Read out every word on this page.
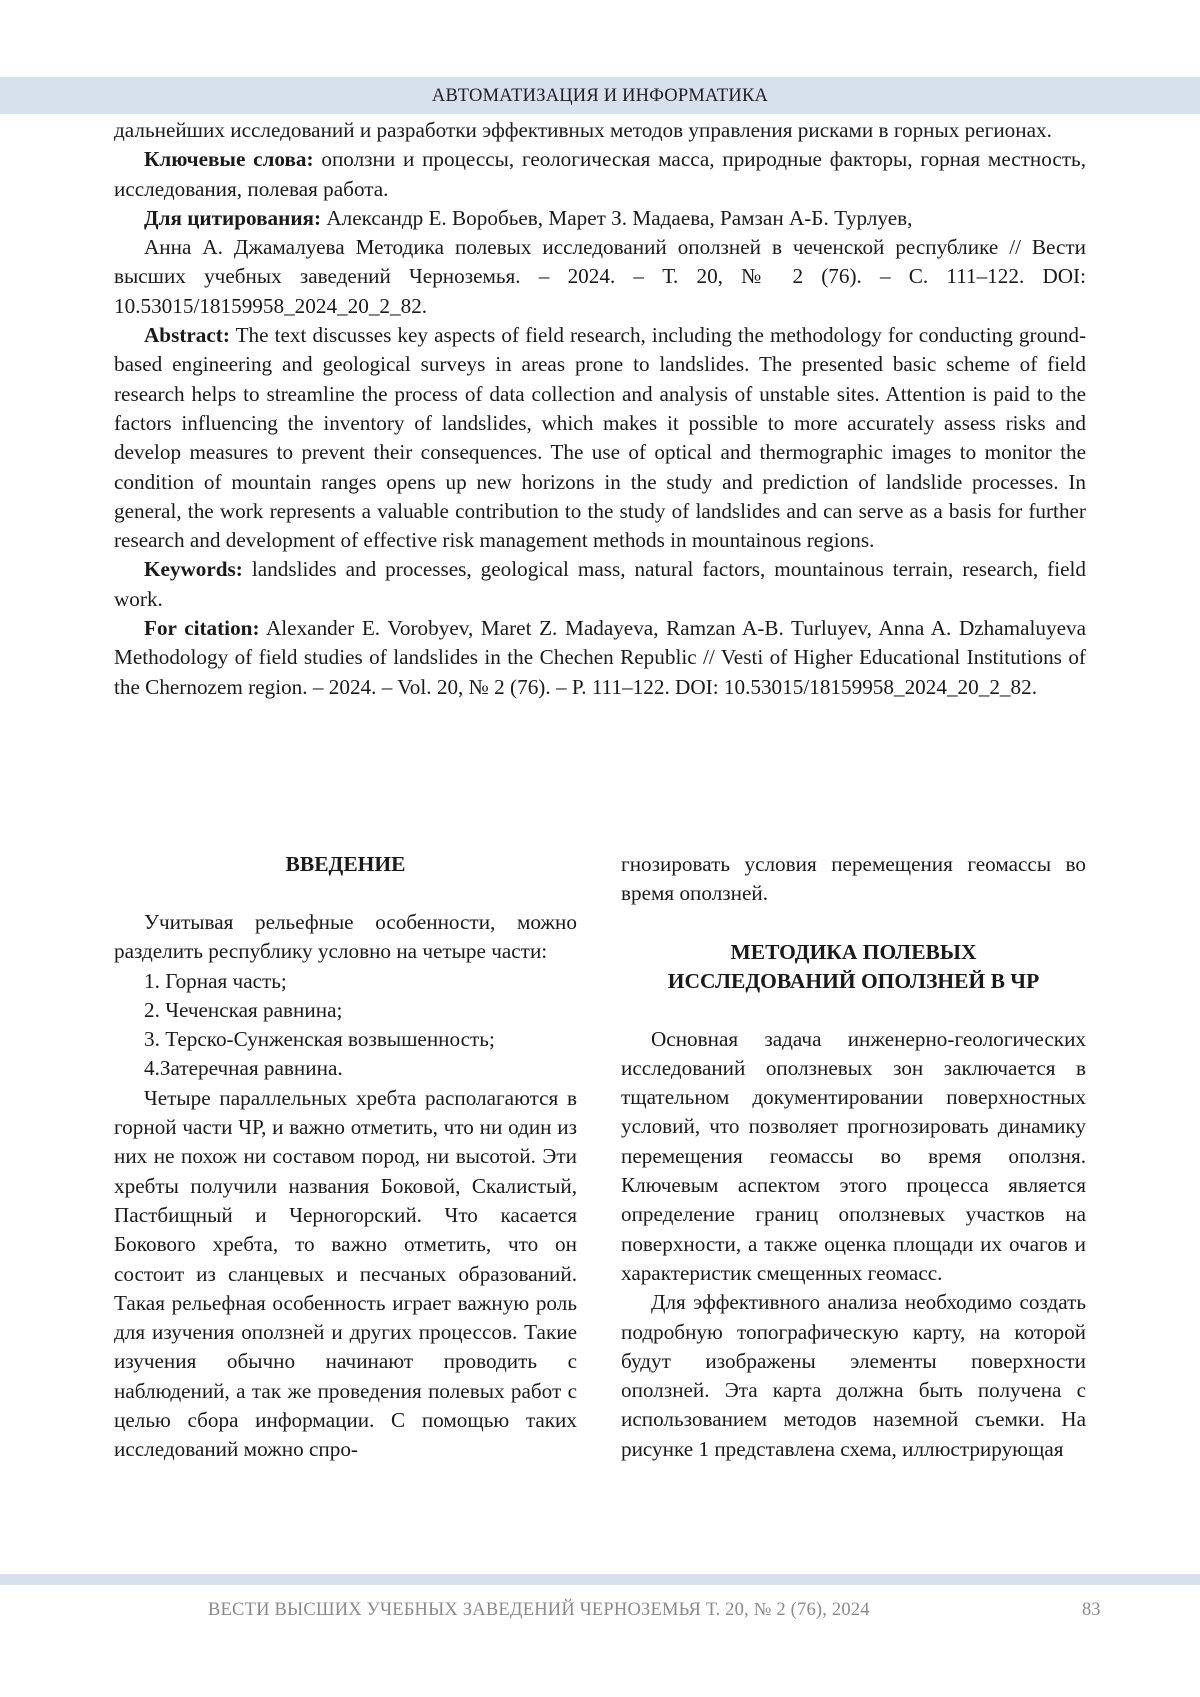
АВТОМАТИЗАЦИЯ И ИНФОРМАТИКА

дальнейших исследований и разработки эффективных методов управления рисками в горных регионах.

Ключевые слова: оползни и процессы, геологическая масса, природные факторы, горная местность, исследования, полевая работа.

Для цитирования: Александр Е. Воробьев, Марет З. Мадаева, Рамзан А-Б. Турлуев,

Анна А. Джамалуева Методика полевых исследований оползней в чеченской республике // Вести высших учебных заведений Черноземья. – 2024. – Т. 20, № 2 (76). – С. 111–122. DOI: 10.53015/18159958_2024_20_2_82.

Abstract: The text discusses key aspects of field research, including the methodology for conducting ground-based engineering and geological surveys in areas prone to landslides. The presented basic scheme of field research helps to streamline the process of data collection and analysis of unstable sites. Attention is paid to the factors influencing the inventory of landslides, which makes it possible to more accurately assess risks and develop measures to prevent their consequences. The use of optical and thermographic images to monitor the condition of mountain ranges opens up new horizons in the study and prediction of landslide processes. In general, the work represents a valuable contribution to the study of landslides and can serve as a basis for further research and development of effective risk management methods in mountainous regions.

Keywords: landslides and processes, geological mass, natural factors, mountainous terrain, research, field work.

For citation: Alexander E. Vorobyev, Maret Z. Madayeva, Ramzan A-B. Turluyev, Anna A. Dzhamaluyeva Methodology of field studies of landslides in the Chechen Republic // Vesti of Higher Educational Institutions of the Chernozem region. – 2024. – Vol. 20, № 2 (76). – P. 111–122. DOI: 10.53015/18159958_2024_20_2_82.

ВВЕДЕНИЕ

Учитывая рельефные особенности, можно разделить республику условно на четыре части:

1. Горная часть;

2. Чеченская равнина;

3. Терско-Сунженская возвышенность;

4.Затеречная равнина.

Четыре параллельных хребта располагаются в горной части ЧР, и важно отметить, что ни один из них не похож ни составом пород, ни высотой. Эти хребты получили названия Боковой, Скалистый, Пастбищный и Черногорский. Что касается Бокового хребта, то важно отметить, что он состоит из сланцевых и песчаных образований. Такая рельефная особенность играет важную роль для изучения оползней и других процессов. Такие изучения обычно начинают проводить с наблюдений, а так же проведения полевых работ с целью сбора информации. С помощью таких исследований можно спро-

гнозировать условия перемещения геомассы во время оползней.

МЕТОДИКА ПОЛЕВЫХ

ИССЛЕДОВАНИЙ ОПОЛЗНЕЙ В ЧР

Основная задача инженерно-геологических исследований оползневых зон заключается в тщательном документировании поверхностных условий, что позволяет прогнозировать динамику перемещения геомассы во время оползня. Ключевым аспектом этого процесса является определение границ оползневых участков на поверхности, а также оценка площади их очагов и характеристик смещенных геомасс.

Для эффективного анализа необходимо создать подробную топографическую карту, на которой будут изображены элементы поверхности оползней. Эта карта должна быть получена с использованием методов наземной съемки. На рисунке 1 представлена схема, иллюстрирующая

ВЕСТИ ВЫСШИХ УЧЕБНЫХ ЗАВЕДЕНИЙ ЧЕРНОЗЕМЬЯ Т. 20, № 2 (76), 2024	83
